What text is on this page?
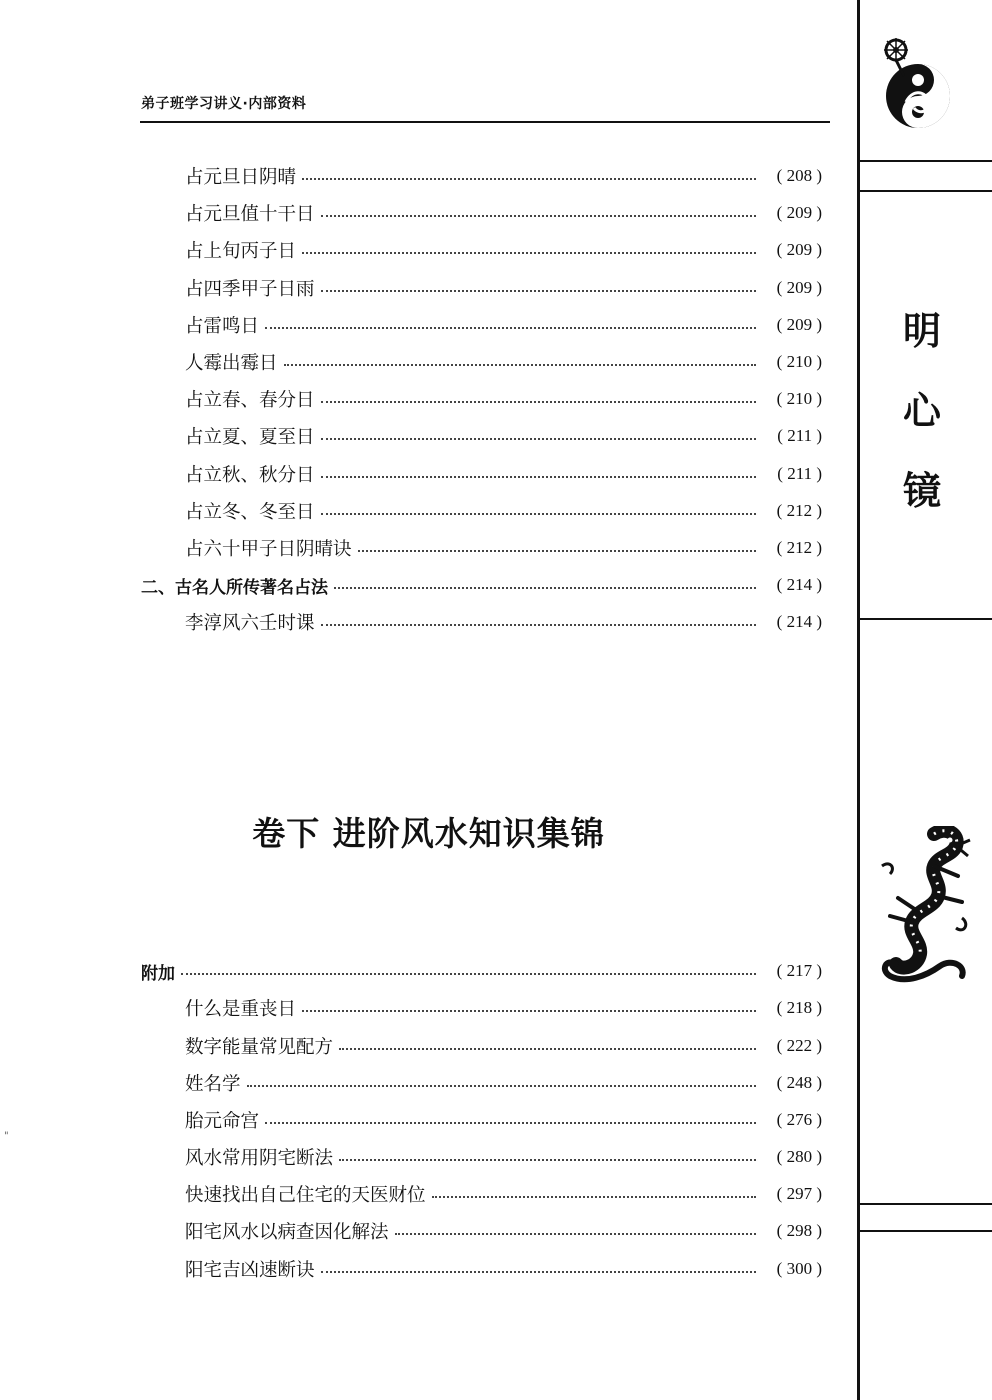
弟子班学习讲义·内部资料
明
心
镜
占元旦日阴晴	( 208 )
占元旦值十干日	( 209 )
占上旬丙子日	( 209 )
占四季甲子日雨	( 209 )
占雷鸣日	( 209 )
人霉出霉日	( 210 )
占立春、春分日	( 210 )
占立夏、夏至日	( 211 )
占立秋、秋分日	( 211 )
占立冬、冬至日	( 212 )
占六十甲子日阴晴诀	( 212 )
二、古名人所传著名占法	( 214 )
李淳风六壬时课	( 214 )
卷下 进阶风水知识集锦
附加	( 217 )
什么是重丧日	( 218 )
数字能量常见配方	( 222 )
姓名学	( 248 )
胎元命宫	( 276 )
风水常用阴宅断法	( 280 )
快速找出自己住宅的天医财位	( 297 )
阳宅风水以病查因化解法	( 298 )
阳宅吉凶速断诀	( 300 )
"
